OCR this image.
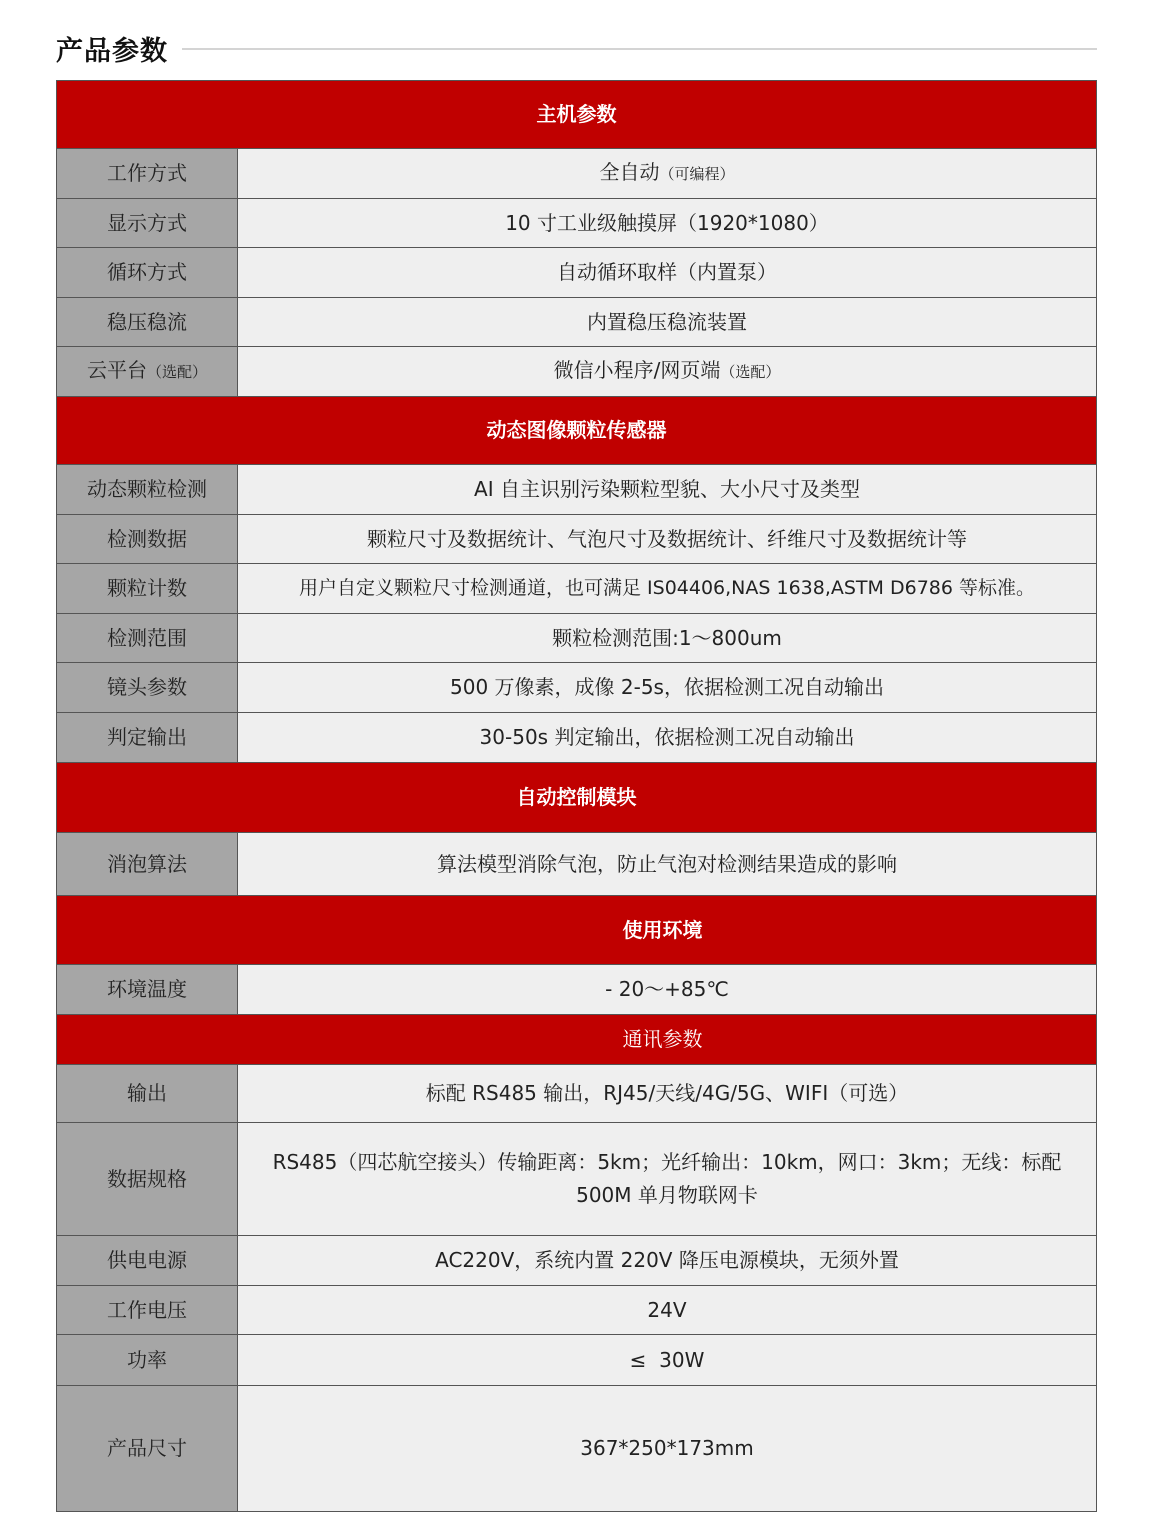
产品参数
主机参数	
工作方式	全自动（可编程）
显示方式	10 寸工业级触摸屏（1920*1080）
循环方式	自动循环取样（内置泵）
稳压稳流	内置稳压稳流装置
云平台（选配）	微信小程序/网页端（选配）
动态图像颗粒传感器	
动态颗粒检测	AI 自主识别污染颗粒型貌、大小尺寸及类型
检测数据	颗粒尺寸及数据统计、气泡尺寸及数据统计、纤维尺寸及数据统计等
颗粒计数	用户自定义颗粒尺寸检测通道，也可满足 IS04406,NAS 1638,ASTM D6786 等标准。
检测范围	颗粒检测范围:1～800um
镜头参数	500 万像素，成像 2-5s，依据检测工况自动输出
判定输出	30-50s 判定输出，依据检测工况自动输出
自动控制模块	
消泡算法	算法模型消除气泡，防止气泡对检测结果造成的影响
使用环境	
环境温度	- 20～+85℃
通讯参数	
输出	标配 RS485 输出，RJ45/天线/4G/5G、WIFI（可选）
数据规格	RS485（四芯航空接头）传输距离：5km；光纤输出：10km，网口：3km；无线：标配 500M 单月物联网卡
供电电源	AC220V，系统内置 220V 降压电源模块，无须外置
工作电压	24V
功率	≤  30W
产品尺寸	367*250*173mm
